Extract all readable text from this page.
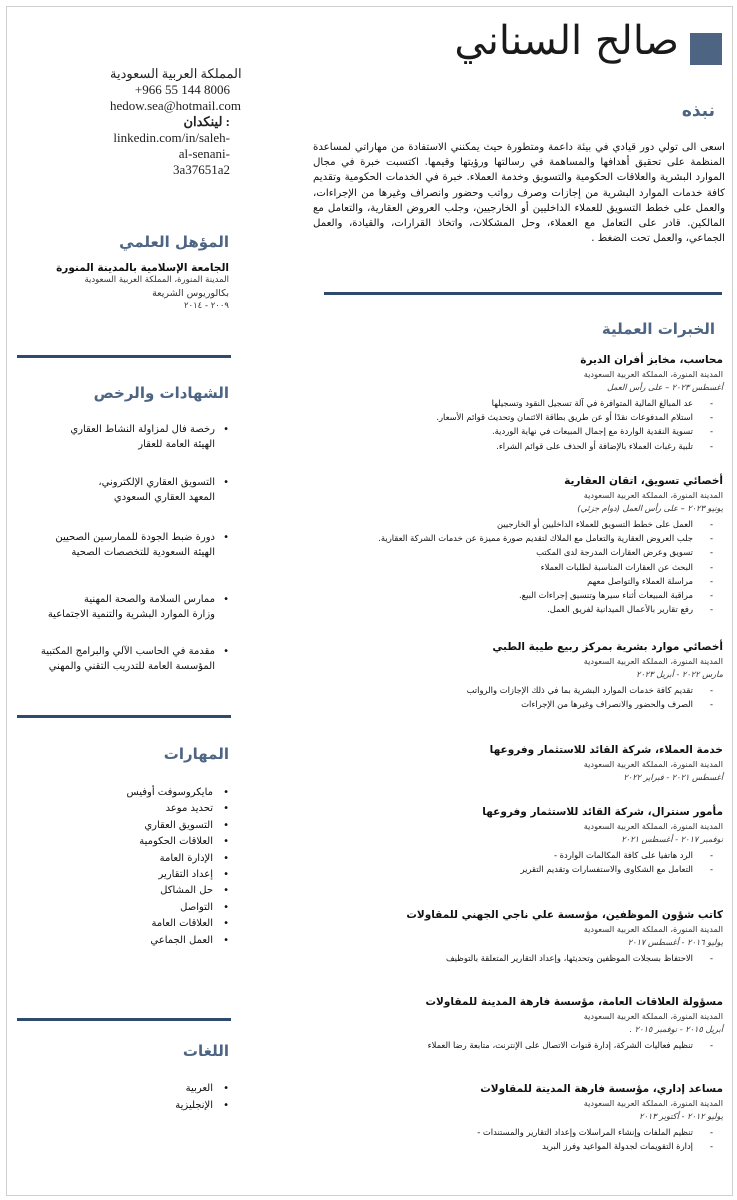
صالح السناني
المملكة العربية السعودية
+966 55 144 8006
hedow.sea@hotmail.com
لينكدان : linkedin.com/in/saleh-al-senani-
3a37651a2
نبذه
اسعى الى تولي دور قيادي في بيئة داعمة ومتطورة حيث يمكنني الاستفادة من مهاراتي لمساعدة المنظمة على تحقيق أهدافها والمساهمة في رسالتها ورؤيتها وقيمها. اكتسبت خبرة في مجال الموارد البشرية والعلاقات الحكومية والتسويق وخدمة العملاء. خبرة في الخدمات الحكومية وتقديم كافة خدمات الموارد البشرية من إجازات وصرف رواتب وحضور وانصراف وغيرها من الإجراءات، والعمل على خطط التسويق للعملاء الداخليين أو الخارجيين، وجلب العروض العقارية، والتعامل مع المالكين. قادر على التعامل مع العملاء، وحل المشكلات، واتخاذ القرارات، والقيادة، والعمل الجماعي، والعمل تحت الضغط .
المؤهل العلمي
الجامعة الإسلامية بالمدينة المنورة
المدينة المنورة، المملكة العربية السعودية
بكالوريوس الشريعة
٢٠٠٩ - ٢٠١٤
الشهادات والرخص
• رخصة فال لمزاولة النشاط العقاري
الهيئة العامة للعقار
• التسويق العقاري الإلكتروني،
المعهد العقاري السعودي
• دورة ضبط الجودة للممارسين الصحيين
الهيئة السعودية للتخصصات الصحية
• ممارس السلامة والصحة المهنية
وزارة الموارد البشرية والتنمية الاجتماعية
• مقدمة في الحاسب الآلي والبرامج المكتبية
المؤسسة العامة للتدريب التقني والمهني
المهارات
• مايكروسوفت أوفيس
• تحديد موعد
• التسويق العقاري
• العلاقات الحكومية
• الإدارة العامة
• إعداد التقارير
• حل المشاكل
• التواصل
• العلاقات العامة
• العمل الجماعي
اللغات
• العربية
• الإنجليزية
الخبرات العملية
محاسب، مخابز أفران الديرة
المدينة المنورة، المملكة العربية السعودية
أغسطس ٢٠٢٣ – على رأس العمل
- عد المبالغ المالية المتوافرة في آلة تسجيل النقود وتسجيلها
- استلام المدفوعات نقدًا أو عن طريق بطاقة الائتمان وتحديث قوائم الأسعار.
- تسوية النقدية الواردة مع إجمال المبيعات في نهاية الوردية.
- تلبية رغبات العملاء بالإضافة أو الحذف على قوائم الشراء.
أخصائي تسويق، اتقان العقارية
المدينة المنورة، المملكة العربية السعودية
يونيو ٢٠٢٣ – على رأس العمل (دوام جزئي)
- العمل على خطط التسويق للعملاء الداخليين أو الخارجيين
- جلب العروض العقارية والتعامل مع الملاك لتقديم صورة مميزة عن خدمات الشركة العقارية.
- تسويق وعرض العقارات المدرجة لدى المكتب
- البحث عن العقارات المناسبة لطلبات العملاء
- مراسلة العملاء والتواصل معهم
- مراقبة المبيعات أثناء سيرها وتنسيق إجراءات البيع.
- رفع تقارير بالأعمال الميدانية لفريق العمل.
أخصائي موارد بشرية بمركز ربيع طيبة الطبي
المدينة المنورة، المملكة العربية السعودية
مارس ٢٠٢٢ - أبريل ٢٠٢٣
- تقديم كافة خدمات الموارد البشرية بما في ذلك الإجازات والرواتب
- الصرف والحضور والانصراف وغيرها من الإجراءات
خدمة العملاء، شركة القائد للاستثمار وفروعها
المدينة المنورة، المملكة العربية السعودية
أغسطس ٢٠٢١ - فبراير ٢٠٢٢
مأمور سنترال، شركة القائد للاستثمار وفروعها
المدينة المنورة، المملكة العربية السعودية
نوفمبر ٢٠١٧ - أغسطس ٢٠٢١
- الرد هاتفيا على كافة المكالمات الواردة -
- التعامل مع الشكاوى والاستفسارات وتقديم التقرير
كاتب شؤون الموظفين، مؤسسة علي ناجي الجهني للمقاولات
المدينة المنورة، المملكة العربية السعودية
يوليو ٢٠١٦ - أغسطس ٢٠١٧
- الاحتفاظ بسجلات الموظفين وتحديثها، وإعداد التقارير المتعلقة بالتوظيف
مسؤولة العلاقات العامة، مؤسسة فارهة المدينة للمقاولات
المدينة المنورة، المملكة العربية السعودية
أبريل ٢٠١٥ - نوفمبر ٢٠١٥ .
- تنظيم فعاليات الشركة، إدارة قنوات الاتصال على الإنترنت، متابعة رضا العملاء
مساعد إداري، مؤسسة فارهة المدينة للمقاولات
المدينة المنورة، المملكة العربية السعودية
يوليو ٢٠١٢ - أكتوبر ٢٠١٣
- تنظيم الملفات وإنشاء المراسلات وإعداد التقارير والمستندات -
- إدارة التقويمات لجدولة المواعيد وفرز البريد
